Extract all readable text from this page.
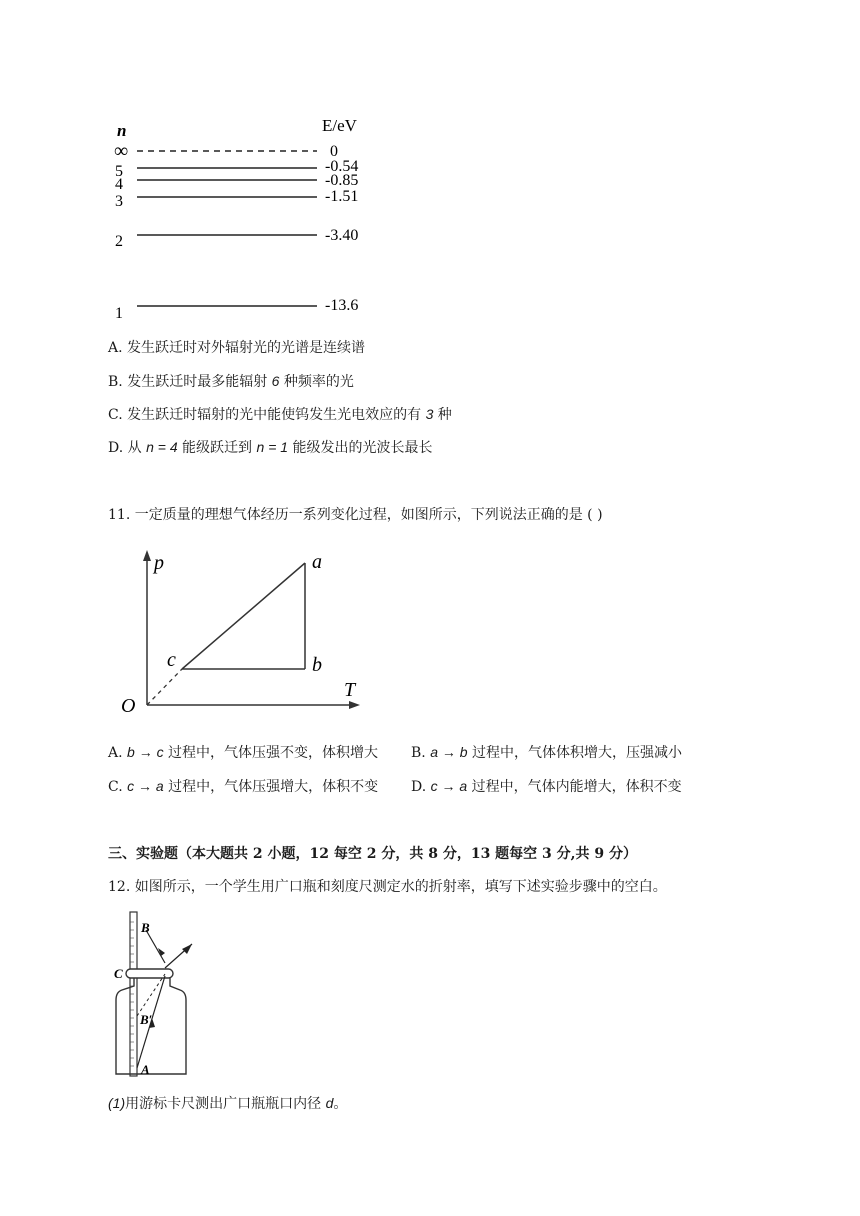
n	E/eV
∞	0
5	-0.54
4	-0.85
3	-1.51
2	-3.40
1	-13.6
A. 发生跃迁时对外辐射光的光谱是连续谱
B. 发生跃迁时最多能辐射 6 种频率的光
C. 发生跃迁时辐射的光中能使钨发生光电效应的有 3 种
D. 从 n = 4 能级跃迁到 n = 1 能级发出的光波长最长
11. 一定质量的理想气体经历一系列变化过程，如图所示，下列说法正确的是 ( )
p
T
O
a
b
c
A. b → c 过程中，气体压强不变，体积增大 B. a → b 过程中，气体体积增大，压强减小
C. c → a 过程中，气体压强增大，体积不变 D. c → a 过程中，气体内能增大，体积不变
三、实验题（本大题共 2 小题，12 每空 2 分，共 8 分，13 题每空 3 分,共 9 分）
12. 如图所示，一个学生用广口瓶和刻度尺测定水的折射率，填写下述实验步骤中的空白。
B
C
B′
A
(1)用游标卡尺测出广口瓶瓶口内径 d。
